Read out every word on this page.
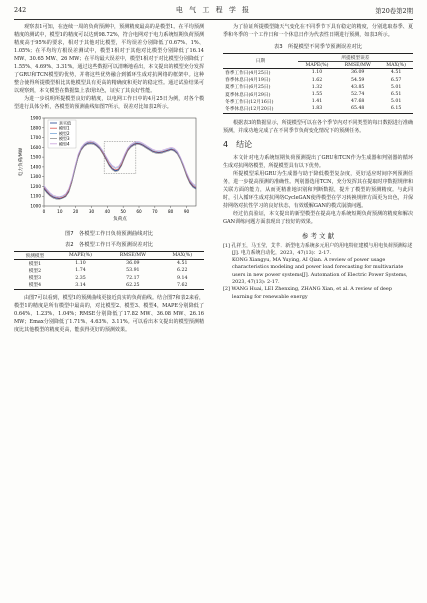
242	电 气 工 程 学 报	第20卷第2期

观察表1可知，在连续一周的负荷预测中，预测精度最高的是模型1。在平均预测精度的测试中，模型1的精度可以达到98.72%，符合电网对于电力系统短期负荷预测精度高于95%的要求，相对于其他对比模型，平均误差分别降低了0.67%、1%、1.05%；在平均均方根误差测试中，模型1相对于其他对比模型分别降低了16.14 MW、30.65 MW、26 MW；在平均最大误差中，模型1相对于对比模型分别降低了1.55%、4.69%、3.31%。通过这些数据可以清晰地看出，本文提出的模型充分发挥了GRU和TCN模型的优势，并将这些优势融合到循环生成对抗网络的框架中。这种整合使得所提模型相比其他模型具有更高的精确度和更好的稳定性。通过试验结果可以观察到，本文模型在数据集上表现出色，证实了其良好性能。

为进一步说明所提模型良好的精度，以电网工作日中的4月25日为例，对各个模型进行具体分析，各模型的预测曲线如图7所示，误差对比如表2所示。

1000
1100
1200
1300
1400
1500
1600
1700
1800
1900
0	10 20 30 40 50 60 70 80 90
电力负荷/MW
负荷点
真实值
模型1
模型2
模型3
模型4
图7　各模型工作日负荷预测曲线对比
表2　各模型工作日平均预测误差对比
预测模型	MAPE(%)	RMSE/MW	MAX(%)
模型1	1.10	36.09	4.51
模型2	1.74	53.91	6.22
模型3	2.35	72.17	9.14
模型4	3.14	62.25	7.62

由图7可以看到，模型1的预测曲线更接近真实的负荷曲线。结合图7和表2来看，模型1的精度是所有模型中最高的，对比模型2、模型3、模型4，MAPE分别降低了0.64%、1.23%、1.04%；RMSE分别降低了17.82 MW、36.08 MW、26.16 MW；Emax分别降低了1.71%、4.63%、3.11%。可以看出本文提出的模型预测精度比其他模型的精度更高，能获得更好的预测效果。

为了验证所提模型随天气变化在不同季节下具有稳定的精度，分别选取春季、夏季和冬季的一个工作日和一个休息日作为代表性日期进行预测，如表3所示。

表3　所提模型不同季节预测误差对比
日期	所提模型误差		
	MAPE(%)	RMSE/MW	MAX(%)
春季工作日(4月25日)	1.10	36.09	4.51
春季休息日(4月19日)	1.62	54.59	6.57
夏季工作日(6月25日)	1.32	43.85	5.01
夏季休息日(6月29日)	1.55	52.74	6.51
冬季工作日(12月16日)	1.41	47.68	5.01
冬季休息日(12月20日)	1.83	65.48	6.15

根据表3的数据显示，所提模型可以在各个季节内对不同类型的每日数据进行准确预测，并成功地完成了在不同季节负荷变化情况下的预测任务。

4　结论

本文针对电力系统短期负荷预测提出了GRU和TCN作为生成器和判别器的循环生成对抗网络模型，所提模型具有以下优势。

所提模型采用GRU为生成器与助于降低模型复杂度，更好适应时间序列预测任务，进一步提高预测的准确性。判别器选用TCN，充分发挥其在提取时序数据规律和关联方面的能力，从而更精准地识别和判断数据，提升了模型的预测精度。与此同时，引入循环生成对抗网络CycleGAN使得模型在学习转换规律方面更为出色，并保持网络对抗性学习的良好状态，有效缓解GAN的模式崩溃问题。

经过仿真验证，本文提出的新型模型在提高电力系统短期负荷预测的精度和解决GAN训练问题方面表现出了较好的效果。

参 考 文 献

[1] 孔祥玉，马玉莹，艾芊．新型电力系统多元用户的用电特征建模与用电负荷预测综述[J]. 电力系统自动化，2023，47(13)：2-17.

KONG Xiangyu, MA Yuying, AI Qian. A review of power usage characteristics modeling and power load forecasting for multivariate users in new power systems[J]. Automation of Electric Power Systems, 2023, 47(13): 2-17.

[2] WANG Huai, LEI Zhenxing, ZHANG Xian, et al. A review of deep learning for renewable energy
